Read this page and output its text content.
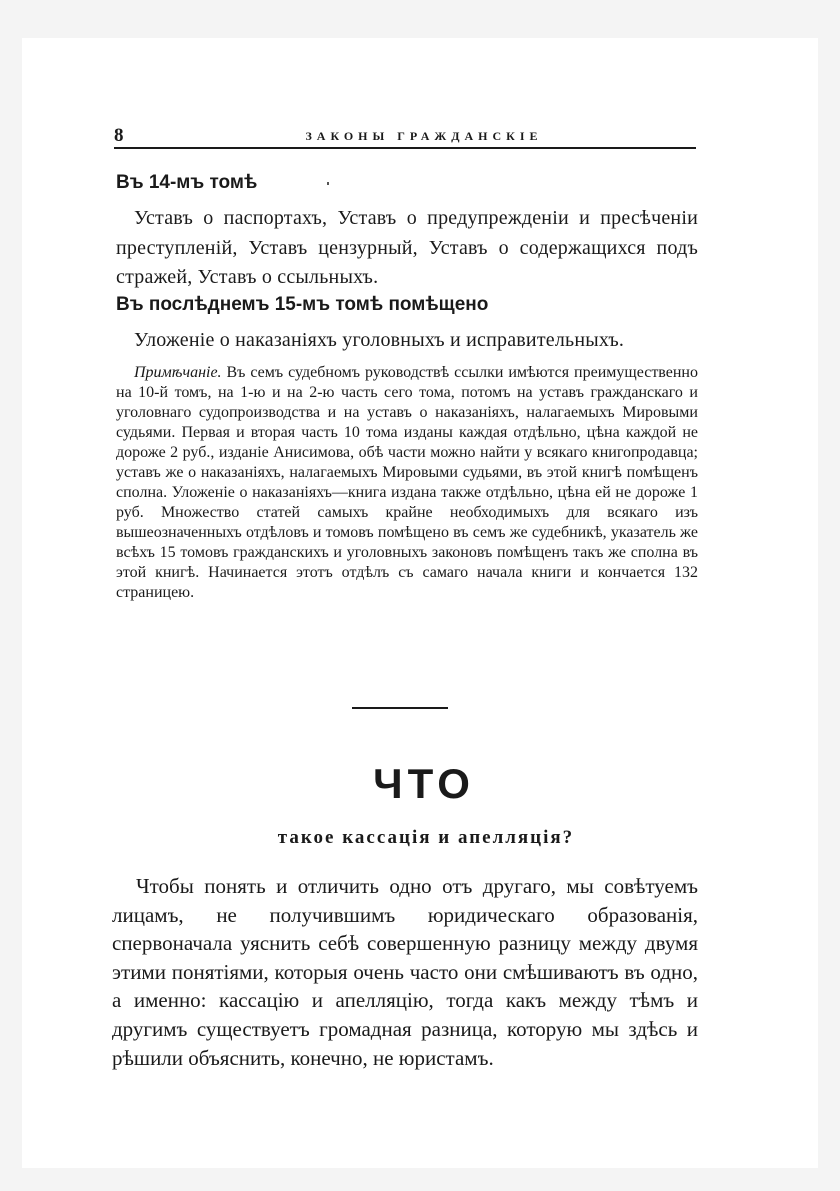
8	ЗАКОНЫ ГРАЖДАНСКІЕ
Въ 14-мъ томѣ
Уставъ о паспортахъ, Уставъ о предупрежденіи и пресѣченіи преступленій, Уставъ цензурный, Уставъ о содержащихся подъ стражей, Уставъ о ссыльныхъ.
Въ послѣднемъ 15-мъ томѣ помѣщено
Уложеніе о наказаніяхъ уголовныхъ и исправительныхъ.
Примѣчаніе. Въ семъ судебномъ руководствѣ ссылки имѣются преимущественно на 10-й томъ, на 1-ю и на 2-ю часть сего тома, потомъ на уставъ гражданскаго и уголовнаго судопроизводства и на уставъ о наказаніяхъ, налагаемыхъ Мировыми судьями. Первая и вторая часть 10 тома изданы каждая отдѣльно, цѣна каждой не дороже 2 руб., изданіе Анисимова, обѣ части можно найти у всякаго книгопродавца; уставъ же о наказаніяхъ, налагаемыхъ Мировыми судьями, въ этой книгѣ помѣщенъ сполна. Уложеніе о наказаніяхъ—книга издана также отдѣльно, цѣна ей не дороже 1 руб. Множество статей самыхъ крайне необходимыхъ для всякаго изъ вышеозначенныхъ отдѣловъ и томовъ помѣщено въ семъ же судебникѣ, указатель же всѣхъ 15 томовъ гражданскихъ и уголовныхъ законовъ помѣщенъ такъ же сполна въ этой книгѣ. Начинается этотъ отдѣлъ съ самаго начала книги и кончается 132 страницею.
ЧТО
такое кассація и апелляція?
Чтобы понять и отличить одно отъ другаго, мы совѣтуемъ лицамъ, не получившимъ юридическаго образованія, спервоначала уяснить себѣ совершенную разницу между двумя этими понятіями, которыя очень часто они смѣшиваютъ въ одно, а именно: кассацію и апелляцію, тогда какъ между тѣмъ и другимъ существуетъ громадная разница, которую мы здѣсь и рѣшили объяснить, конечно, не юристамъ.
